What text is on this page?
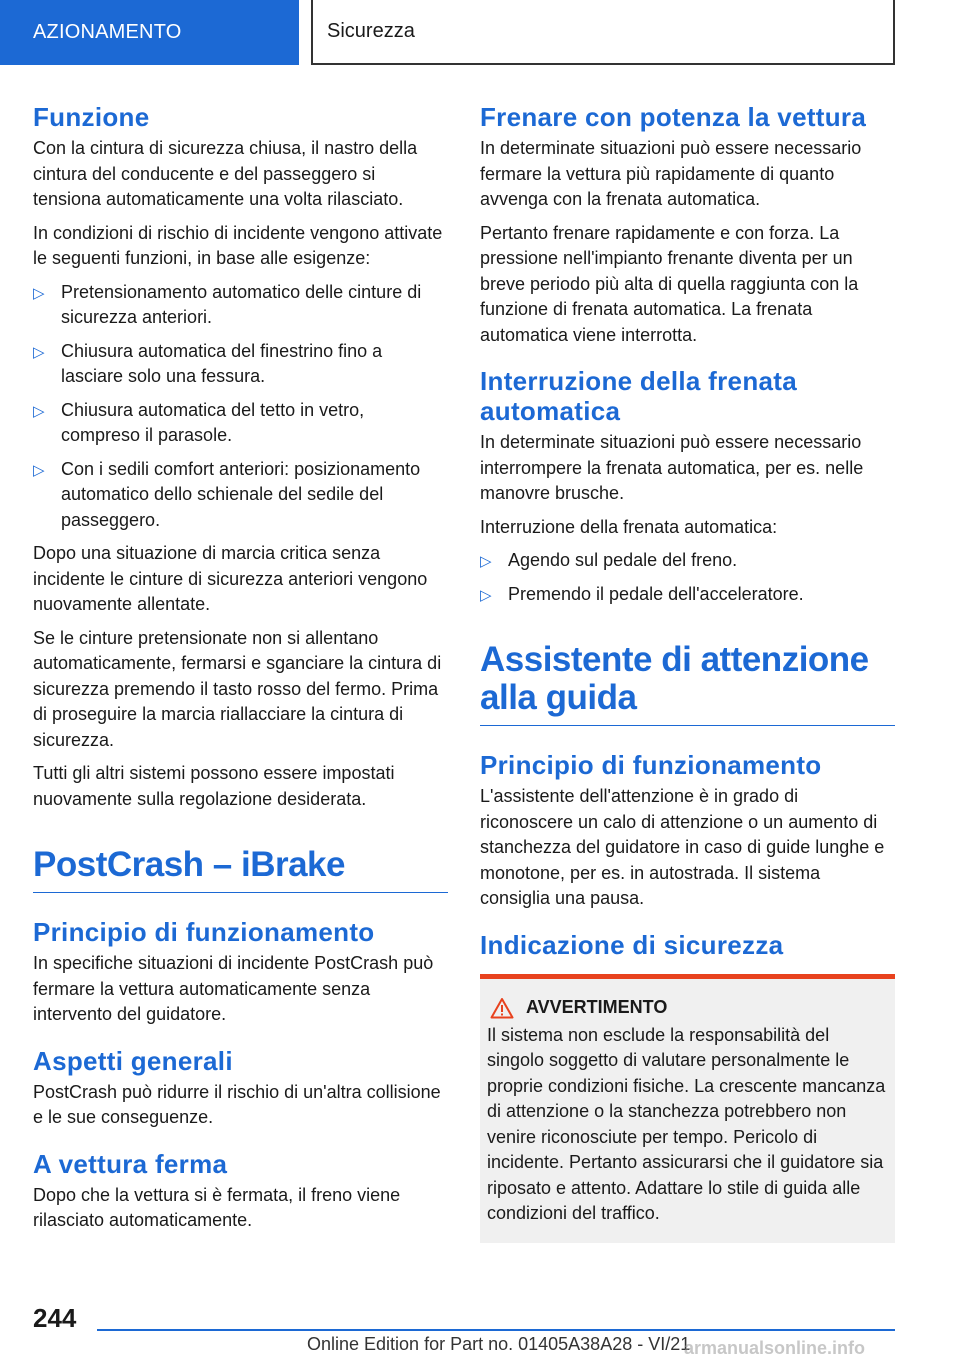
AZIONAMENTO	Sicurezza
Funzione

Con la cintura di sicurezza chiusa, il nastro della cintura del conducente e del passeggero si tensiona automaticamente una volta rilasciato.

In condizioni di rischio di incidente vengono attivate le seguenti funzioni, in base alle esigenze:

▷ Pretensionamento automatico delle cinture di sicurezza anteriori.
▷ Chiusura automatica del finestrino fino a lasciare solo una fessura.
▷ Chiusura automatica del tetto in vetro, compreso il parasole.
▷ Con i sedili comfort anteriori: posizionamento automatico dello schienale del sedile del passeggero.

Dopo una situazione di marcia critica senza incidente le cinture di sicurezza anteriori vengono nuovamente allentate.

Se le cinture pretensionate non si allentano automaticamente, fermarsi e sganciare la cintura di sicurezza premendo il tasto rosso del fermo. Prima di proseguire la marcia riallacciare la cintura di sicurezza.

Tutti gli altri sistemi possono essere impostati nuovamente sulla regolazione desiderata.

PostCrash – iBrake
Principio di funzionamento

In specifiche situazioni di incidente PostCrash può fermare la vettura automaticamente senza intervento del guidatore.

Aspetti generali

PostCrash può ridurre il rischio di un'altra collisione e le sue conseguenze.

A vettura ferma

Dopo che la vettura si è fermata, il freno viene rilasciato automaticamente.

Frenare con potenza la vettura

In determinate situazioni può essere necessario fermare la vettura più rapidamente di quanto avvenga con la frenata automatica.

Pertanto frenare rapidamente e con forza. La pressione nell'impianto frenante diventa per un breve periodo più alta di quella raggiunta con la funzione di frenata automatica. La frenata automatica viene interrotta.

Interruzione della frenata automatica

In determinate situazioni può essere necessario interrompere la frenata automatica, per es. nelle manovre brusche.

Interruzione della frenata automatica:

▷ Agendo sul pedale del freno.
▷ Premendo il pedale dell'acceleratore.
Assistente di attenzione alla guida
Principio di funzionamento

L'assistente dell'attenzione è in grado di riconoscere un calo di attenzione o un aumento di stanchezza del guidatore in caso di guide lunghe e monotone, per es. in autostrada. Il sistema consiglia una pausa.

Indicazione di sicurezza
AVVERTIMENTO

Il sistema non esclude la responsabilità del singolo soggetto di valutare personalmente le proprie condizioni fisiche. La crescente mancanza di attenzione o la stanchezza potrebbero non venire riconosciute per tempo. Pericolo di incidente. Pertanto assicurarsi che il guidatore sia riposato e attento. Adattare lo stile di guida alle condizioni del traffico.

244
Online Edition for Part no. 01405A38A28 - VI/21
armanualsonline.info
